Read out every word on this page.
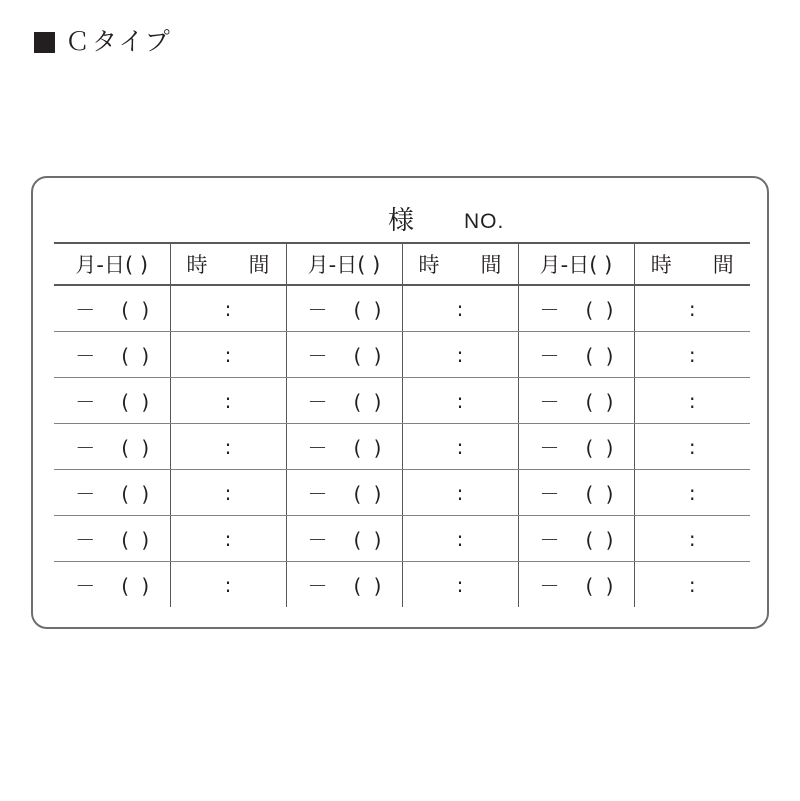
Ｃタイプ
様 NO.
月-日( )	時　間	月-日( )	時　間	月-日( )	時　間
－　( )	:	－　( )	:	－　( )	:
－　( )	:	－　( )	:	－　( )	:
－　( )	:	－　( )	:	－　( )	:
－　( )	:	－　( )	:	－　( )	:
－　( )	:	－　( )	:	－　( )	:
－　( )	:	－　( )	:	－　( )	:
－　( )	:	－　( )	:	－　( )	:
